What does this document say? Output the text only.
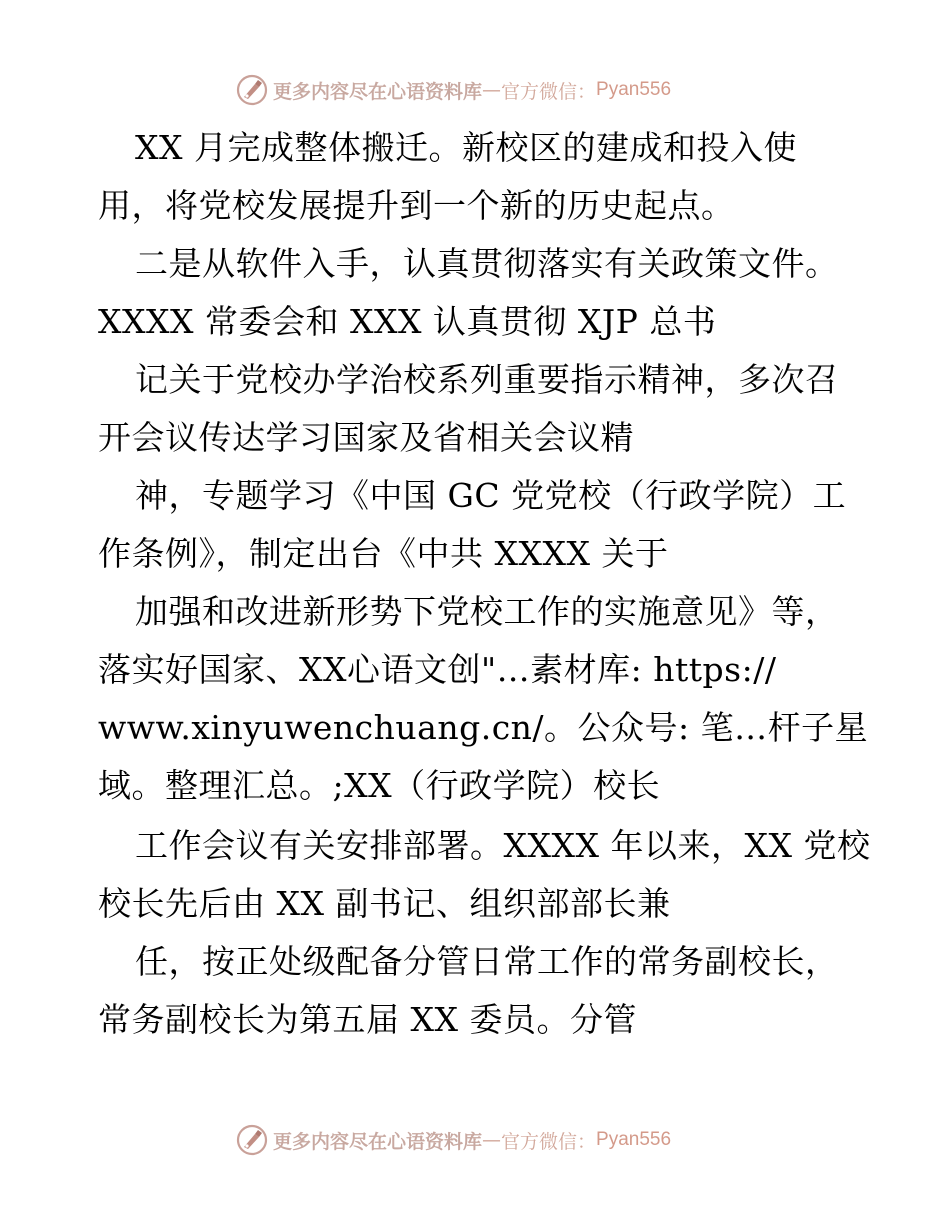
更多内容尽在心语资料库 — 官方微信： Pyan556
XX 月完成整体搬迁。新校区的建成和投入使
用，将党校发展提升到一个新的历史起点。
二是从软件入手，认真贯彻落实有关政策文件。
XXXX 常委会和 XXX 认真贯彻 XJP 总书
记关于党校办学治校系列重要指示精神，多次召
开会议传达学习国家及省相关会议精
神，专题学习《中国 GC 党党校（行政学院）工
作条例》，制定出台《中共 XXXX 关于
加强和改进新形势下党校工作的实施意见》等，
落实好国家、XX心语文创"…素材库: https://
www.xinyuwenchuang.cn/。公众号: 笔…杆子星
域。整理汇总。;XX（行政学院）校长
工作会议有关安排部署。XXXX 年以来，XX 党校
校长先后由 XX 副书记、组织部部长兼
任，按正处级配备分管日常工作的常务副校长，
常务副校长为第五届 XX 委员。分管
更多内容尽在心语资料库 — 官方微信： Pyan556
